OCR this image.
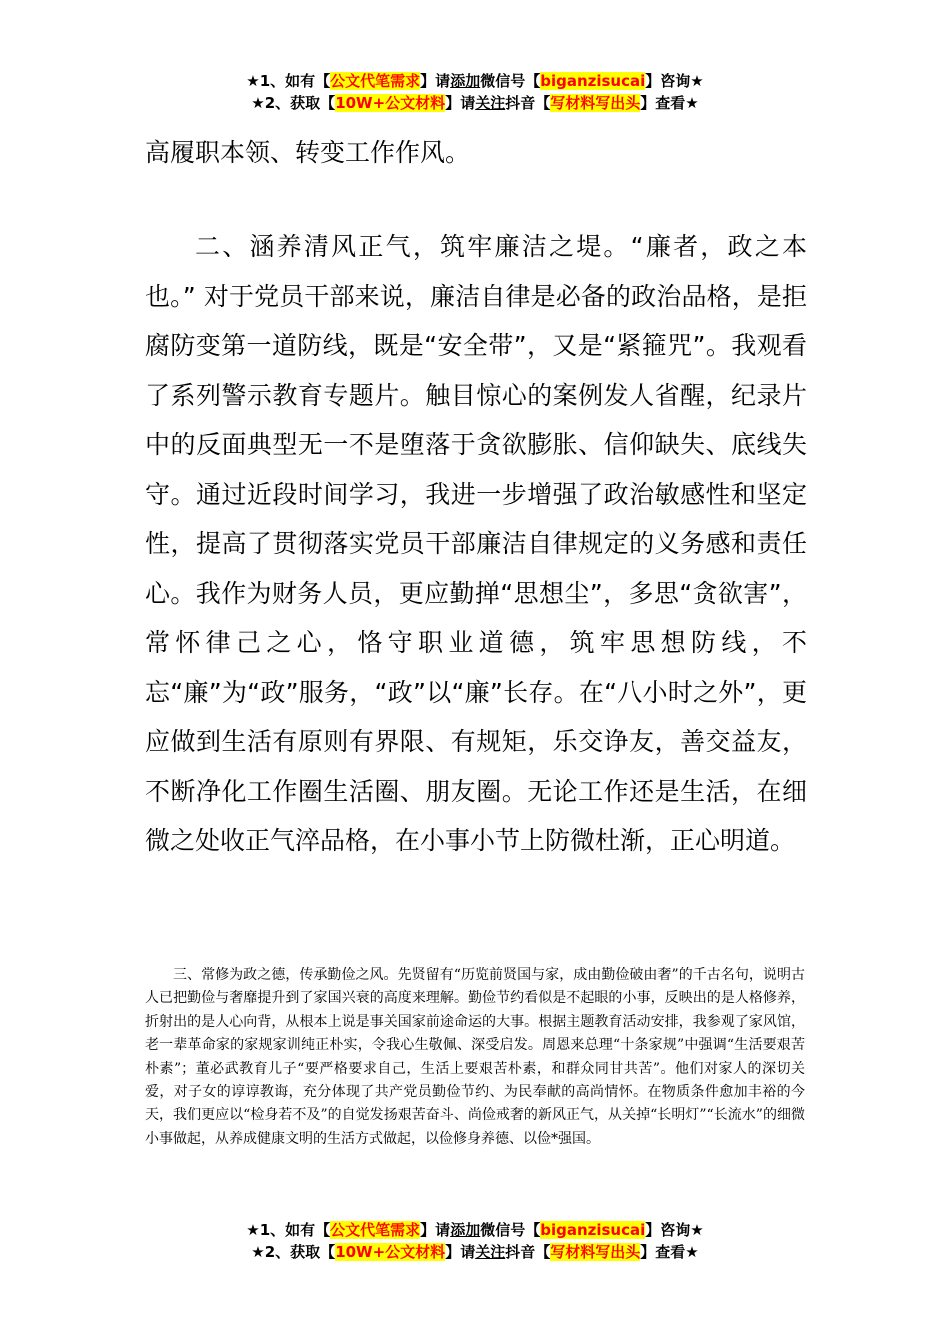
★1、如有【公文代笔需求】请添加微信号【biganzisucai】咨询★
★2、获取【10W+公文材料】请关注抖音【写材料写出头】查看★

高履职本领、转变工作作风。

二、涵养清风正气，筑牢廉洁之堤。“廉者，政之本也。” 对于党员干部来说，廉洁自律是必备的政治品格，是拒腐防变第一道防线，既是“安全带”，又是“紧箍咒”。我观看了系列警示教育专题片。触目惊心的案例发人省醒，纪录片中的反面典型无一不是堕落于贪欲膨胀、信仰缺失、底线失守。通过近段时间学习，我进一步增强了政治敏感性和坚定性，提高了贯彻落实党员干部廉洁自律规定的义务感和责任心。我作为财务人员，更应勤掸“思想尘”，多思“贪欲害”，常怀律己之心，恪守职业道德，筑牢思想防线，不忘“廉”为“政”服务，“政”以“廉”长存。在“八小时之外”，更应做到生活有原则有界限、有规矩，乐交诤友，善交益友，不断净化工作圈生活圈、朋友圈。无论工作还是生活，在细微之处收正气淬品格，在小事小节上防微杜渐，正心明道。

三、常修为政之德，传承勤俭之风。先贤留有“历览前贤国与家，成由勤俭破由奢”的千古名句，说明古人已把勤俭与奢靡提升到了家国兴衰的高度来理解。勤俭节约看似是不起眼的小事，反映出的是人格修养，折射出的是人心向背，从根本上说是事关国家前途命运的大事。根据主题教育活动安排，我参观了家风馆，老一辈革命家的家规家训纯正朴实，令我心生敬佩、深受启发。周恩来总理“十条家规”中强调“生活要艰苦朴素”；董必武教育儿子“要严格要求自己，生活上要艰苦朴素，和群众同甘共苦”。他们对家人的深切关爱，对子女的谆谆教诲，充分体现了共产党员勤俭节约、为民奉献的高尚情怀。在物质条件愈加丰裕的今天，我们更应以“检身若不及”的自觉发扬艰苦奋斗、尚俭戒奢的新风正气，从关掉“长明灯”“长流水”的细微小事做起，从养成健康文明的生活方式做起，以俭修身养德、以俭*强国。

★1、如有【公文代笔需求】请添加微信号【biganzisucai】咨询★
★2、获取【10W+公文材料】请关注抖音【写材料写出头】查看★
